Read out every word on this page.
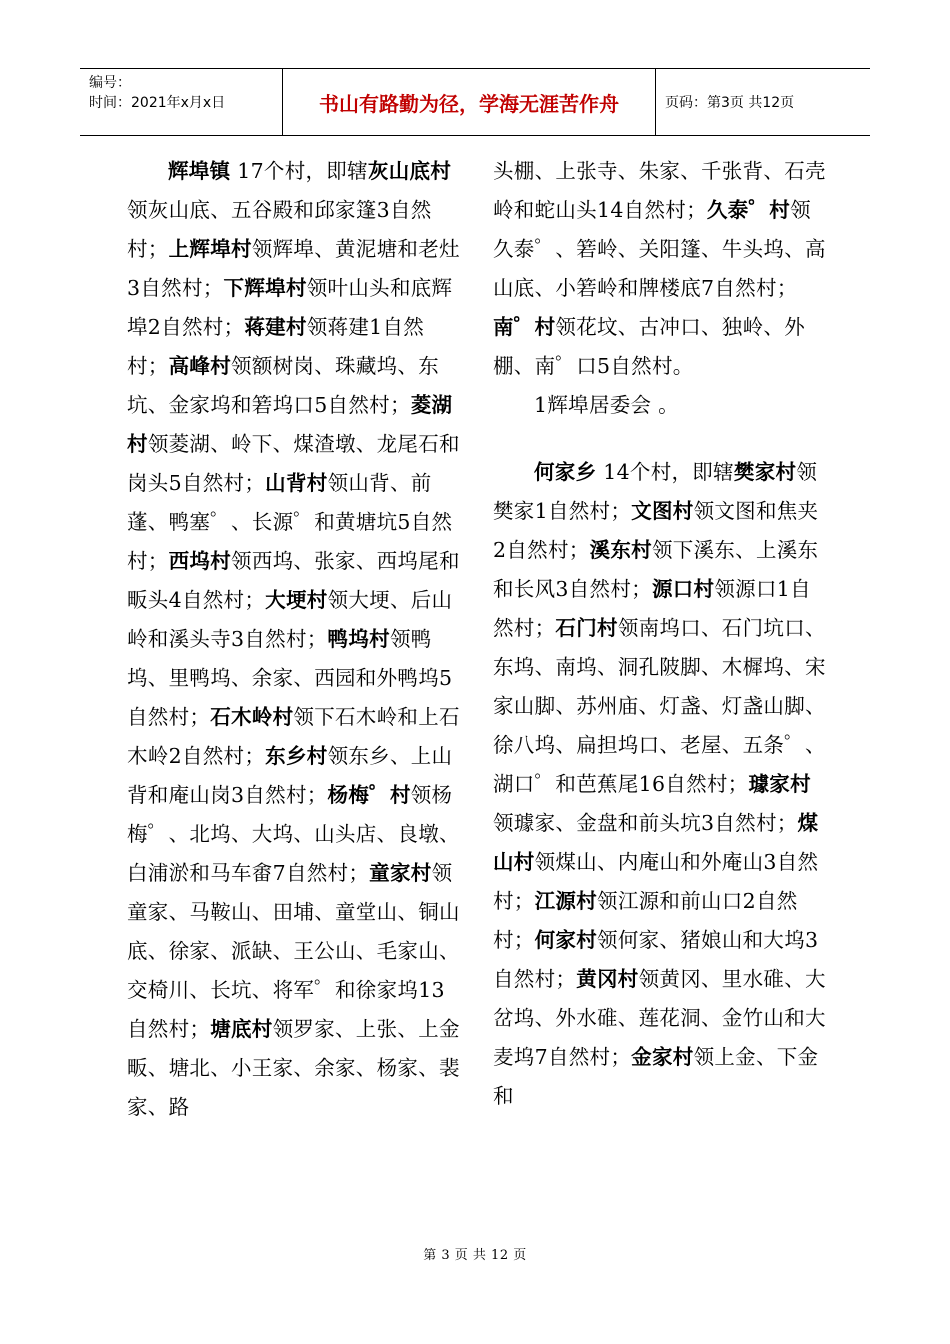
编号：
时间：2021年x月x日	书山有路勤为径，学海无涯苦作舟	页码：第3页 共12页

辉埠镇 17个村，即辖灰山底村领灰山底、五谷殿和邱家篷3自然村；上辉埠村领辉埠、黄泥塘和老灶3自然村；下辉埠村领叶山头和底辉埠2自然村；蒋建村领蒋建1自然村；高峰村领额树岗、珠藏坞、东坑、金家坞和箬坞口5自然村；菱湖村领菱湖、岭下、煤渣墩、龙尾石和岗头5自然村；山背村领山背、前蓬、鸭塞゜、长源゜和黄塘坑5自然村；西坞村领西坞、张家、西坞尾和畈头4自然村；大埂村领大埂、后山岭和溪头寺3自然村；鸭坞村领鸭坞、里鸭坞、余家、西园和外鸭坞5自然村；石木岭村领下石木岭和上石木岭2自然村；东乡村领东乡、上山背和庵山岗3自然村；杨梅゜村领杨梅゜、北坞、大坞、山头店、良墩、白浦淤和马车畬7自然村；童家村领童家、马鞍山、田埔、童堂山、铜山底、徐家、派缺、王公山、毛家山、交椅川、长坑、将军゜和徐家坞13自然村；塘底村领罗家、上张、上金畈、塘北、小王家、余家、杨家、裴家、路

头棚、上张寺、朱家、千张背、石壳岭和蛇山头14自然村；久泰゜村领久泰゜、箬岭、关阳篷、牛头坞、高山底、小箬岭和牌楼底7自然村；南゜村领花坟、古冲口、独岭、外棚、南゜口5自然村。

1辉埠居委会 。

何家乡 14个村，即辖樊家村领樊家1自然村；文图村领文图和焦夹2自然村；溪东村领下溪东、上溪东和长风3自然村；源口村领源口1自然村；石门村领南坞口、石门坑口、东坞、南坞、洞孔陂脚、木樨坞、宋家山脚、苏州庙、灯盏、灯盏山脚、徐八坞、扁担坞口、老屋、五条゜、湖口゜和芭蕉尾16自然村；璩家村领璩家、金盘和前头坑3自然村；煤山村领煤山、内庵山和外庵山3自然村；江源村领江源和前山口2自然村；何家村领何家、猪娘山和大坞3自然村；黄冈村领黄冈、里水碓、大岔坞、外水碓、莲花洞、金竹山和大麦坞7自然村；金家村领上金、下金和

第 3 页 共 12 页
